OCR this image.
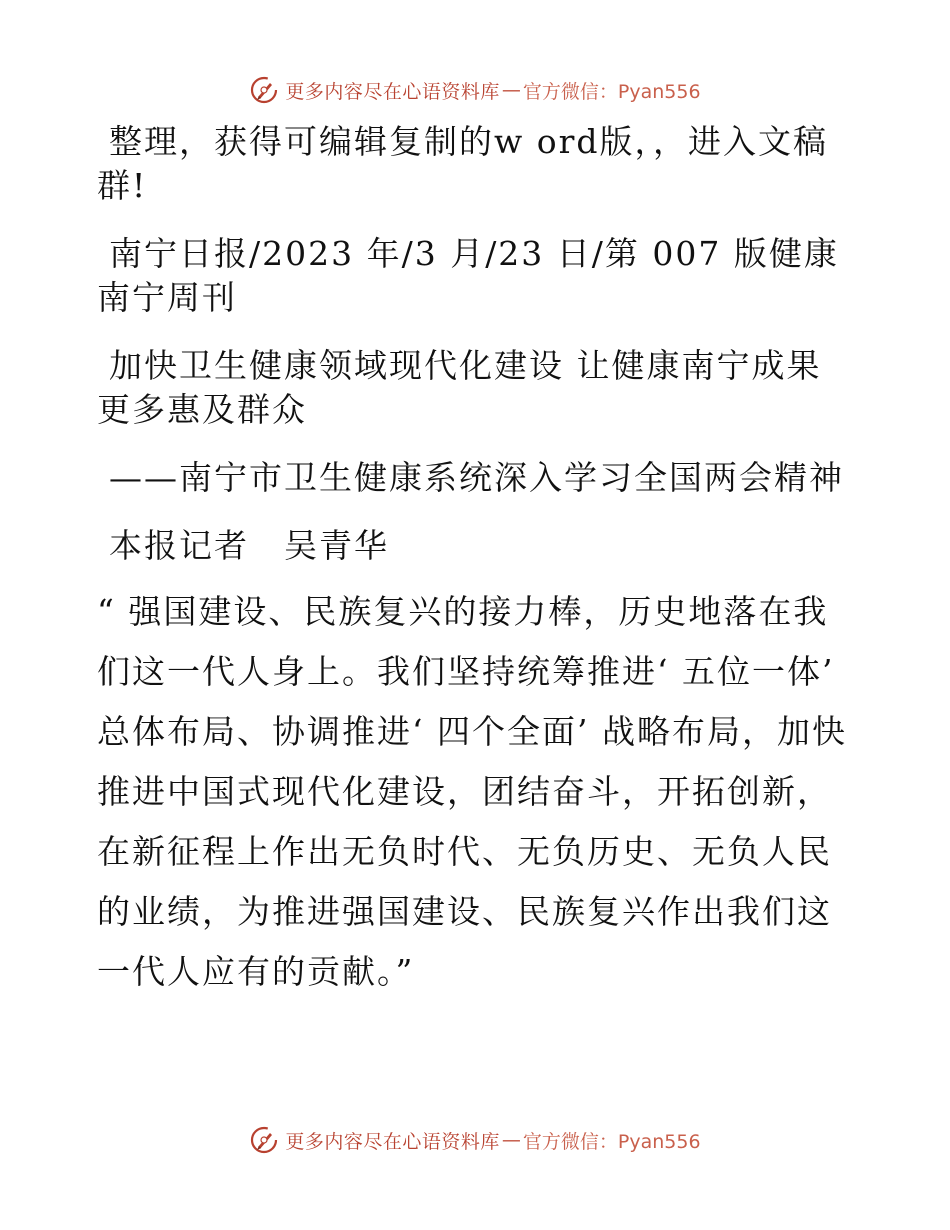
更多内容尽在心语资料库 — 官方微信：Pyan556

整理，获得可编辑复制的w ord版，，进入文稿群!

南宁日报/2023 年/3 月/23 日/第 007 版健康南宁周刊

加快卫生健康领域现代化建设 让健康南宁成果更多惠及群众

——南宁市卫生健康系统深入学习全国两会精神

本报记者　吴青华

“ 强国建设、民族复兴的接力棒，历史地落在我们这一代人身上。我们坚持统筹推进‘ 五位一体’ 总体布局、协调推进‘ 四个全面’ 战略布局，加快推进中国式现代化建设，团结奋斗，开拓创新，在新征程上作出无负时代、无负历史、无负人民的业绩，为推进强国建设、民族复兴作出我们这一代人应有的贡献。”

更多内容尽在心语资料库 — 官方微信：Pyan556
